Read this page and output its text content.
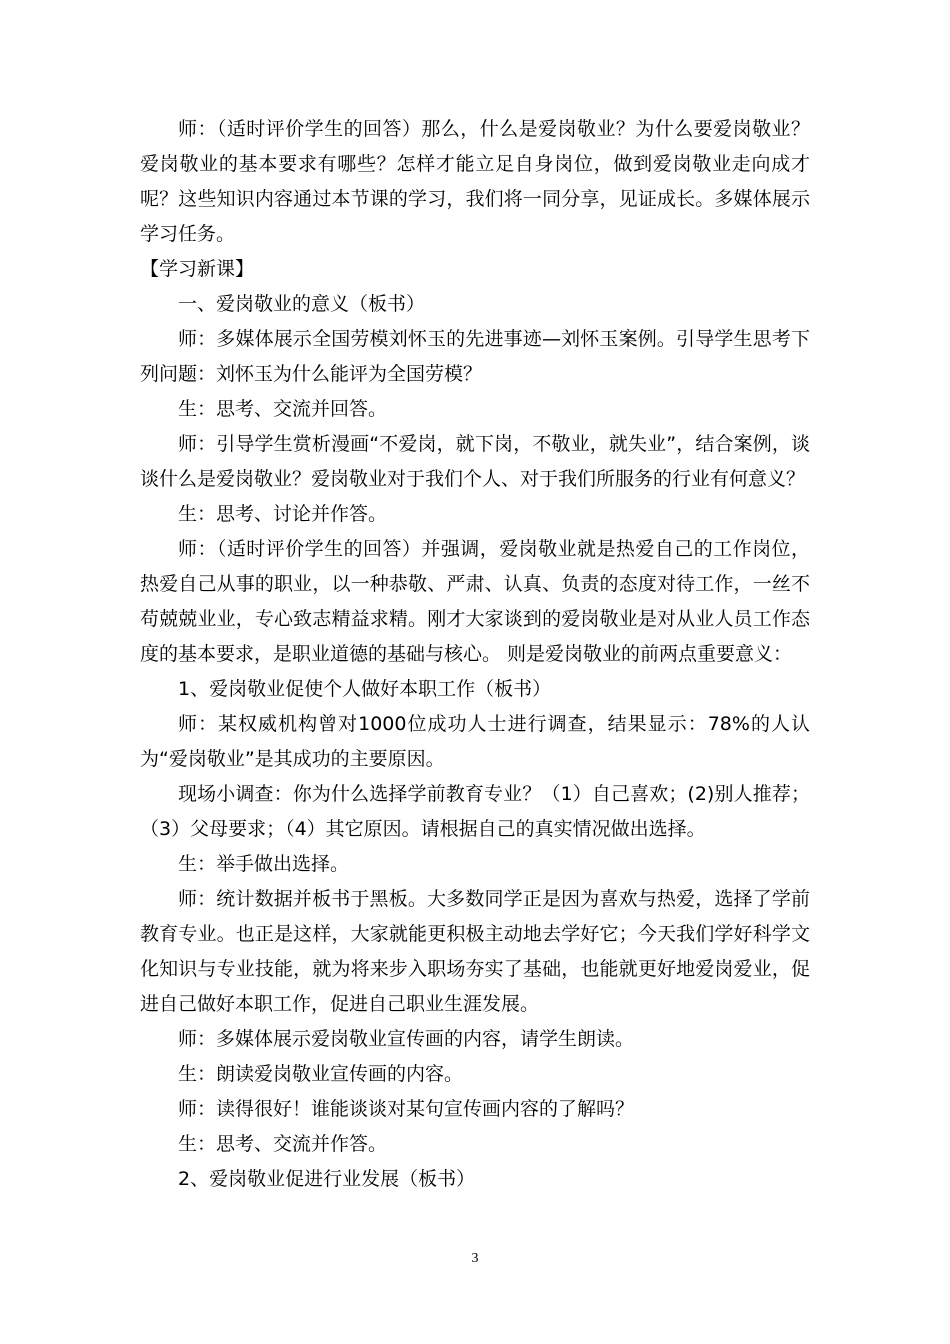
师：（适时评价学生的回答）那么，什么是爱岗敬业？为什么要爱岗敬业？爱岗敬业的基本要求有哪些？怎样才能立足自身岗位，做到爱岗敬业走向成才呢？这些知识内容通过本节课的学习，我们将一同分享，见证成长。多媒体展示学习任务。

【学习新课】

一、爱岗敬业的意义（板书）

师：多媒体展示全国劳模刘怀玉的先进事迹—刘怀玉案例。引导学生思考下列问题：刘怀玉为什么能评为全国劳模？

生：思考、交流并回答。

师：引导学生赏析漫画“不爱岗，就下岗，不敬业，就失业”，结合案例，谈谈什么是爱岗敬业？爱岗敬业对于我们个人、对于我们所服务的行业有何意义？

生：思考、讨论并作答。

师：（适时评价学生的回答）并强调，爱岗敬业就是热爱自己的工作岗位，热爱自己从事的职业，以一种恭敬、严肃、认真、负责的态度对待工作，一丝不苟兢兢业业，专心致志精益求精。刚才大家谈到的爱岗敬业是对从业人员工作态度的基本要求，是职业道德的基础与核心。 则是爱岗敬业的前两点重要意义：

1、爱岗敬业促使个人做好本职工作（板书）

师：某权威机构曾对1000位成功人士进行调查，结果显示：78%的人认为“爱岗敬业”是其成功的主要原因。

现场小调查：你为什么选择学前教育专业？（1）自己喜欢；(2)别人推荐；（3）父母要求；（4）其它原因。请根据自己的真实情况做出选择。

生：举手做出选择。

师：统计数据并板书于黑板。大多数同学正是因为喜欢与热爱，选择了学前教育专业。也正是这样，大家就能更积极主动地去学好它；今天我们学好科学文化知识与专业技能，就为将来步入职场夯实了基础，也能就更好地爱岗爱业，促进自己做好本职工作，促进自己职业生涯发展。

师：多媒体展示爱岗敬业宣传画的内容，请学生朗读。

生：朗读爱岗敬业宣传画的内容。

师：读得很好！谁能谈谈对某句宣传画内容的了解吗？

生：思考、交流并作答。

2、爱岗敬业促进行业发展（板书）

3
